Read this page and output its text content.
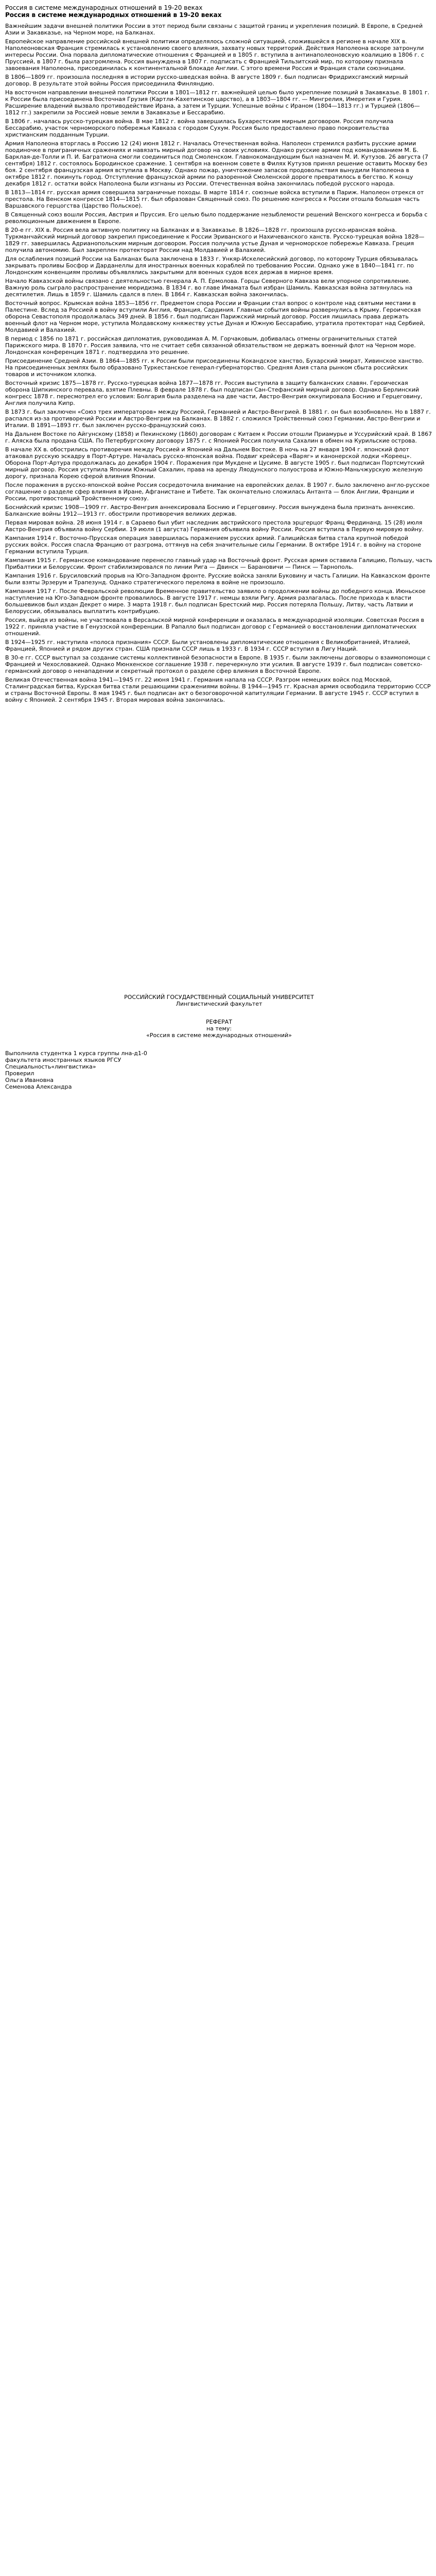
Россия в системе международных отношений в 19-20 веках

Россия в системе международных отношений в 19-20 веках

Важнейшим задачи внешней политики России в этот период были связаны с защитой границ и укрепления позиций. В Европе, в Средней Азии и Закавказье, на Черном море, на Балканах.

Европейское направление российской внешней политики определялось сложной ситуацией, сложившейся в регионе в начале XIX в. Наполеоновская Франция стремилась к установлению своего влияния, захвату новых территорий. Действия Наполеона вскоре затронули интересы России. Она порвала дипломатические отношения с Францией и в 1805 г. вступила в антинаполеоновскую коалицию в 1806 г. с Пруссией, в 1807 г. была разгромлена. Россия вынуждена в 1807 г. подписать с Францией Тильзитский мир, по которому признала завоевания Наполеона, присоединилась к континентальной блокаде Англии. С этого времени Россия и Франция стали союзницами.

В 1806—1809 гг. произошла последняя в истории русско-шведская война. В августе 1809 г. был подписан Фридрихсгамский мирный договор. В результате этой войны Россия присоединила Финляндию.

На восточном направлении внешней политики России в 1801—1812 гг. важнейшей целью было укрепление позиций в Закавказье. В 1801 г. к России была присоединена Восточная Грузия (Картли-Кахетинское царство), а в 1803—1804 гг. — Мингрелия, Имеретия и Гурия. Расширение владений вызвало противодействие Ирана, а затем и Турции. Успешные войны с Ираном (1804—1813 гг.) и Турцией (1806—1812 гг.) закрепили за Россией новые земли в Закавказье и Бессарабию.

В 1806 г. началась русско-турецкая война. В мае 1812 г. война завершилась Бухарестским мирным договором. Россия получила Бессарабию, участок черноморского побережья Кавказа с городом Сухум. Россия было предоставлено право покровительства христианским подданным Турции.

Армия Наполеона вторглась в Россию 12 (24) июня 1812 г. Началась Отечественная война. Наполеон стремился разбить русские армии поодиночке в приграничных сражениях и навязать мирный договор на своих условиях. Однако русские армии под командованием М. Б. Барклая-де-Толли и П. И. Багратиона смогли соединиться под Смоленском. Главнокомандующим был назначен М. И. Кутузов. 26 августа (7 сентября) 1812 г. состоялось Бородинское сражение. 1 сентября на военном совете в Филях Кутузов принял решение оставить Москву без боя. 2 сентября французская армия вступила в Москву. Однако пожар, уничтожение запасов продовольствия вынудили Наполеона в октябре 1812 г. покинуть город. Отступление французской армии по разоренной Смоленской дороге превратилось в бегство. К концу декабря 1812 г. остатки войск Наполеона были изгнаны из России. Отечественная война закончилась победой русского народа.

В 1813—1814 гг. русская армия совершила заграничные походы. В марте 1814 г. союзные войска вступили в Париж. Наполеон отрекся от престола. На Венском конгрессе 1814—1815 гг. был образован Священный союз. По решению конгресса к России отошла большая часть Варшавского герцогства (Царство Польское).

В Священный союз вошли Россия, Австрия и Пруссия. Его целью было поддержание незыблемости решений Венского конгресса и борьба с революционным движением в Европе.

В 20-е гг. XIX в. Россия вела активную политику на Балканах и в Закавказье. В 1826—1828 гг. произошла русско-иранская война. Туркманчайский мирный договор закрепил присоединение к России Эриванского и Нахичеванского ханств. Русско-турецкая война 1828—1829 гг. завершилась Адрианопольским мирным договором. Россия получила устье Дуная и черноморское побережье Кавказа. Греция получила автономию. Был закреплен протекторат России над Молдавией и Валахией.

Для ослабления позиций России на Балканах была заключена в 1833 г. Ункяр-Искелесийский договор, по которому Турция обязывалась закрывать проливы Босфор и Дарданеллы для иностранных военных кораблей по требованию России. Однако уже в 1840—1841 гг. по Лондонским конвенциям проливы объявлялись закрытыми для военных судов всех держав в мирное время.

Начало Кавказской войны связано с деятельностью генерала А. П. Ермолова. Горцы Северного Кавказа вели упорное сопротивление. Важную роль сыграло распространение мюридизма. В 1834 г. во главе Имамата был избран Шамиль. Кавказская война затянулась на десятилетия. Лишь в 1859 г. Шамиль сдался в плен. В 1864 г. Кавказская война закончилась.

Восточный вопрос. Крымская война 1853—1856 гг. Предметом спора России и Франции стал вопрос о контроле над святыми местами в Палестине. Вслед за Россией в войну вступили Англия, Франция, Сардиния. Главные события войны развернулись в Крыму. Героическая оборона Севастополя продолжалась 349 дней. В 1856 г. был подписан Парижский мирный договор. Россия лишилась права держать военный флот на Черном море, уступила Молдавскому княжеству устье Дуная и Южную Бессарабию, утратила протекторат над Сербией, Молдавией и Валахией.

В период с 1856 по 1871 г. российская дипломатия, руководимая А. М. Горчаковым, добивалась отмены ограничительных статей Парижского мира. В 1870 г. Россия заявила, что не считает себя связанной обязательством не держать военный флот на Черном море. Лондонская конференция 1871 г. подтвердила это решение.

Присоединение Средней Азии. В 1864—1885 гг. к России были присоединены Кокандское ханство, Бухарский эмират, Хивинское ханство. На присоединенных землях было образовано Туркестанское генерал-губернаторство. Средняя Азия стала рынком сбыта российских товаров и источником хлопка.

Восточный кризис 1875—1878 гг. Русско-турецкая война 1877—1878 гг. Россия выступила в защиту балканских славян. Героическая оборона Шипкинского перевала, взятие Плевны. В феврале 1878 г. был подписан Сан-Стефанский мирный договор. Однако Берлинский конгресс 1878 г. пересмотрел его условия: Болгария была разделена на две части, Австро-Венгрия оккупировала Боснию и Герцеговину, Англия получила Кипр.

В 1873 г. был заключен «Союз трех императоров» между Россией, Германией и Австро-Венгрией. В 1881 г. он был возобновлен. Но в 1887 г. распался из-за противоречий России и Австро-Венгрии на Балканах. В 1882 г. сложился Тройственный союз Германии, Австро-Венгрии и Италии. В 1891—1893 гг. был заключен русско-французский союз.

На Дальнем Востоке по Айгунскому (1858) и Пекинскому (1860) договорам с Китаем к России отошли Приамурье и Уссурийский край. В 1867 г. Аляска была продана США. По Петербургскому договору 1875 г. с Японией Россия получила Сахалин в обмен на Курильские острова.

В начале XX в. обострились противоречия между Россией и Японией на Дальнем Востоке. В ночь на 27 января 1904 г. японский флот атаковал русскую эскадру в Порт-Артуре. Началась русско-японская война. Подвиг крейсера «Варяг» и канонерской лодки «Кореец». Оборона Порт-Артура продолжалась до декабря 1904 г. Поражения при Мукдене и Цусиме. В августе 1905 г. был подписан Портсмутский мирный договор. Россия уступила Японии Южный Сахалин, права на аренду Ляодунского полуострова и Южно-Маньчжурскую железную дорогу, признала Корею сферой влияния Японии.

После поражения в русско-японской войне Россия сосредоточила внимание на европейских делах. В 1907 г. было заключено англо-русское соглашение о разделе сфер влияния в Иране, Афганистане и Тибете. Так окончательно сложилась Антанта — блок Англии, Франции и России, противостоящий Тройственному союзу.

Боснийский кризис 1908—1909 гг. Австро-Венгрия аннексировала Боснию и Герцеговину. Россия вынуждена была признать аннексию. Балканские войны 1912—1913 гг. обострили противоречия великих держав.

Первая мировая война. 28 июня 1914 г. в Сараево был убит наследник австрийского престола эрцгерцог Франц Фердинанд. 15 (28) июля Австро-Венгрия объявила войну Сербии. 19 июля (1 августа) Германия объявила войну России. Россия вступила в Первую мировую войну.

Кампания 1914 г. Восточно-Прусская операция завершилась поражением русских армий. Галицийская битва стала крупной победой русских войск. Россия спасла Францию от разгрома, оттянув на себя значительные силы Германии. В октябре 1914 г. в войну на стороне Германии вступила Турция.

Кампания 1915 г. Германское командование перенесло главный удар на Восточный фронт. Русская армия оставила Галицию, Польшу, часть Прибалтики и Белоруссии. Фронт стабилизировался по линии Рига — Двинск — Барановичи — Пинск — Тарнополь.

Кампания 1916 г. Брусиловский прорыв на Юго-Западном фронте. Русские войска заняли Буковину и часть Галиции. На Кавказском фронте были взяты Эрзерум и Трапезунд. Однако стратегического перелома в войне не произошло.

Кампания 1917 г. После Февральской революции Временное правительство заявило о продолжении войны до победного конца. Июньское наступление на Юго-Западном фронте провалилось. В августе 1917 г. немцы взяли Ригу. Армия разлагалась. После прихода к власти большевиков был издан Декрет о мире. 3 марта 1918 г. был подписан Брестский мир. Россия потеряла Польшу, Литву, часть Латвии и Белоруссии, обязывалась выплатить контрибуцию.

Россия, выйдя из войны, не участвовала в Версальской мирной конференции и оказалась в международной изоляции. Советская Россия в 1922 г. приняла участие в Генуэзской конференции. В Рапалло был подписан договор с Германией о восстановлении дипломатических отношений.

В 1924—1925 гг. наступила «полоса признания» СССР. Были установлены дипломатические отношения с Великобританией, Италией, Францией, Японией и рядом других стран. США признали СССР лишь в 1933 г. В 1934 г. СССР вступил в Лигу Наций.

В 30-е гг. СССР выступал за создание системы коллективной безопасности в Европе. В 1935 г. были заключены договоры о взаимопомощи с Францией и Чехословакией. Однако Мюнхенское соглашение 1938 г. перечеркнуло эти усилия. В августе 1939 г. был подписан советско-германский договор о ненападении и секретный протокол о разделе сфер влияния в Восточной Европе.

Великая Отечественная война 1941—1945 гг. 22 июня 1941 г. Германия напала на СССР. Разгром немецких войск под Москвой, Сталинградская битва, Курская битва стали решающими сражениями войны. В 1944—1945 гг. Красная армия освободила территорию СССР и страны Восточной Европы. 8 мая 1945 г. был подписан акт о безоговорочной капитуляции Германии. В августе 1945 г. СССР вступил в войну с Японией. 2 сентября 1945 г. Вторая мировая война закончилась.

РОССИЙСКИЙ ГОСУДАРСТВЕННЫЙ СОЦИАЛЬНЫЙ УНИВЕРСИТЕТ

Лингвистический факультет

РЕФЕРАТ

на тему:

«Россия в системе международных отношений»

Выполнила студентка 1 курса группы лна-д1-0

факультета иностранных языков РГСУ

Специальность«лингвистика»

Проверил

Ольга Ивановна

Семенова Александра
